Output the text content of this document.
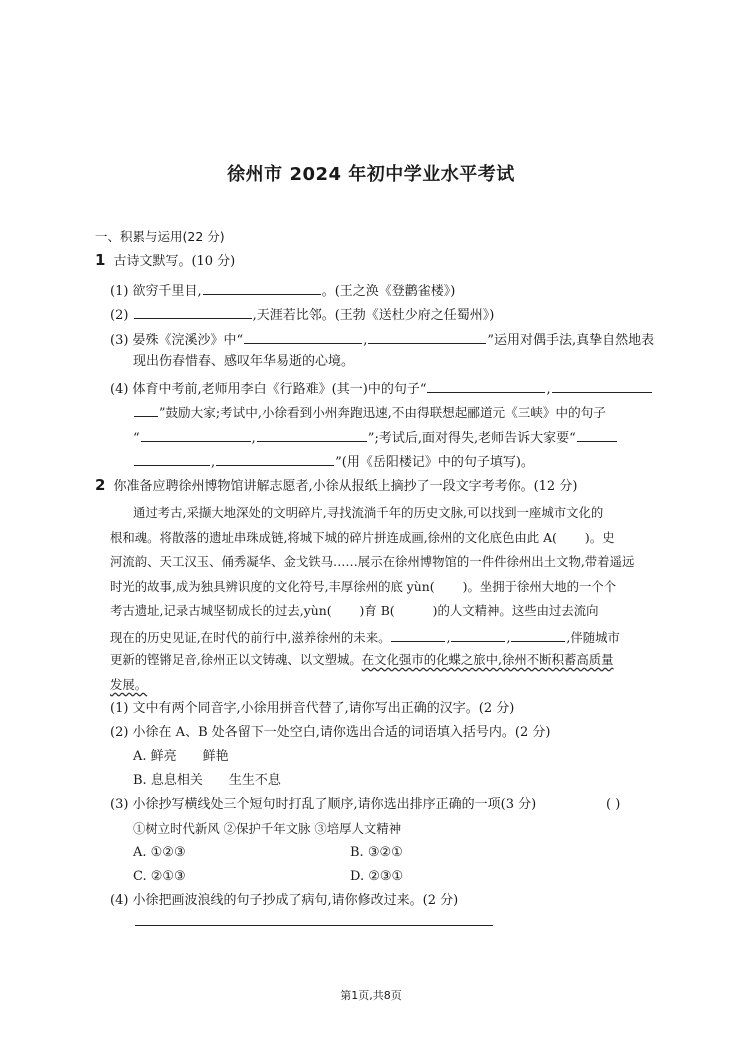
徐州市 2024 年初中学业水平考试
一、积累与运用(22 分)
1 古诗文默写。(10 分)
(1) 欲穷千里目,	。(王之涣《登鹳雀楼》)
(2)	,天涯若比邻。(王勃《送杜少府之任蜀州》)
(3) 晏殊《浣溪沙》中“	,	”运用对偶手法,真挚自然地表
现出伤春惜春、感叹年华易逝的心境。
(4) 体育中考前,老师用李白《行路难》(其一)中的句子“	,
”鼓励大家;考试中,小徐看到小州奔跑迅速,不由得联想起郦道元《三峡》中的句子
“	,	”;考试后,面对得失,老师告诉大家要“
,	”(用《岳阳楼记》中的句子填写)。
2 你准备应聘徐州博物馆讲解志愿者,小徐从报纸上摘抄了一段文字考考你。(12 分)
通过考古,采撷大地深处的文明碎片,寻找流淌千年的历史文脉,可以找到一座城市文化的
根和魂。将散落的遗址串珠成链,将城下城的碎片拼连成画,徐州的文化底色由此 A( )。史
河流韵、天工汉玉、俑秀凝华、金戈铁马……展示在徐州博物馆的一件件徐州出土文物,带着遥远
时光的故事,成为独具辨识度的文化符号,丰厚徐州的底 yùn( )。坐拥于徐州大地的一个个
考古遗址,记录古城坚韧成长的过去,yùn( )育 B(	)的人文精神。这些由过去流向
现在的历史见证,在时代的前行中,滋养徐州的未来。	,	,	,伴随城市
更新的铿锵足音,徐州正以文铸魂、以文塑城。在文化强市的化蝶之旅中,徐州不断积蓄高质量
发展。
(1) 文中有两个同音字,小徐用拼音代替了,请你写出正确的汉字。(2 分)
(2) 小徐在 A、B 处各留下一处空白,请你选出合适的词语填入括号内。(2 分)
A. 鲜亮 鲜艳
B. 息息相关 生生不息
(3) 小徐抄写横线处三个短句时打乱了顺序,请你选出排序正确的一项(3 分)	( )
①树立时代新风 ②保护千年文脉 ③培厚人文精神
A. ①②③	B. ③②①
C. ②①③	D. ②③①
(4) 小徐把画波浪线的句子抄成了病句,请你修改过来。(2 分)
第1页,共8页
